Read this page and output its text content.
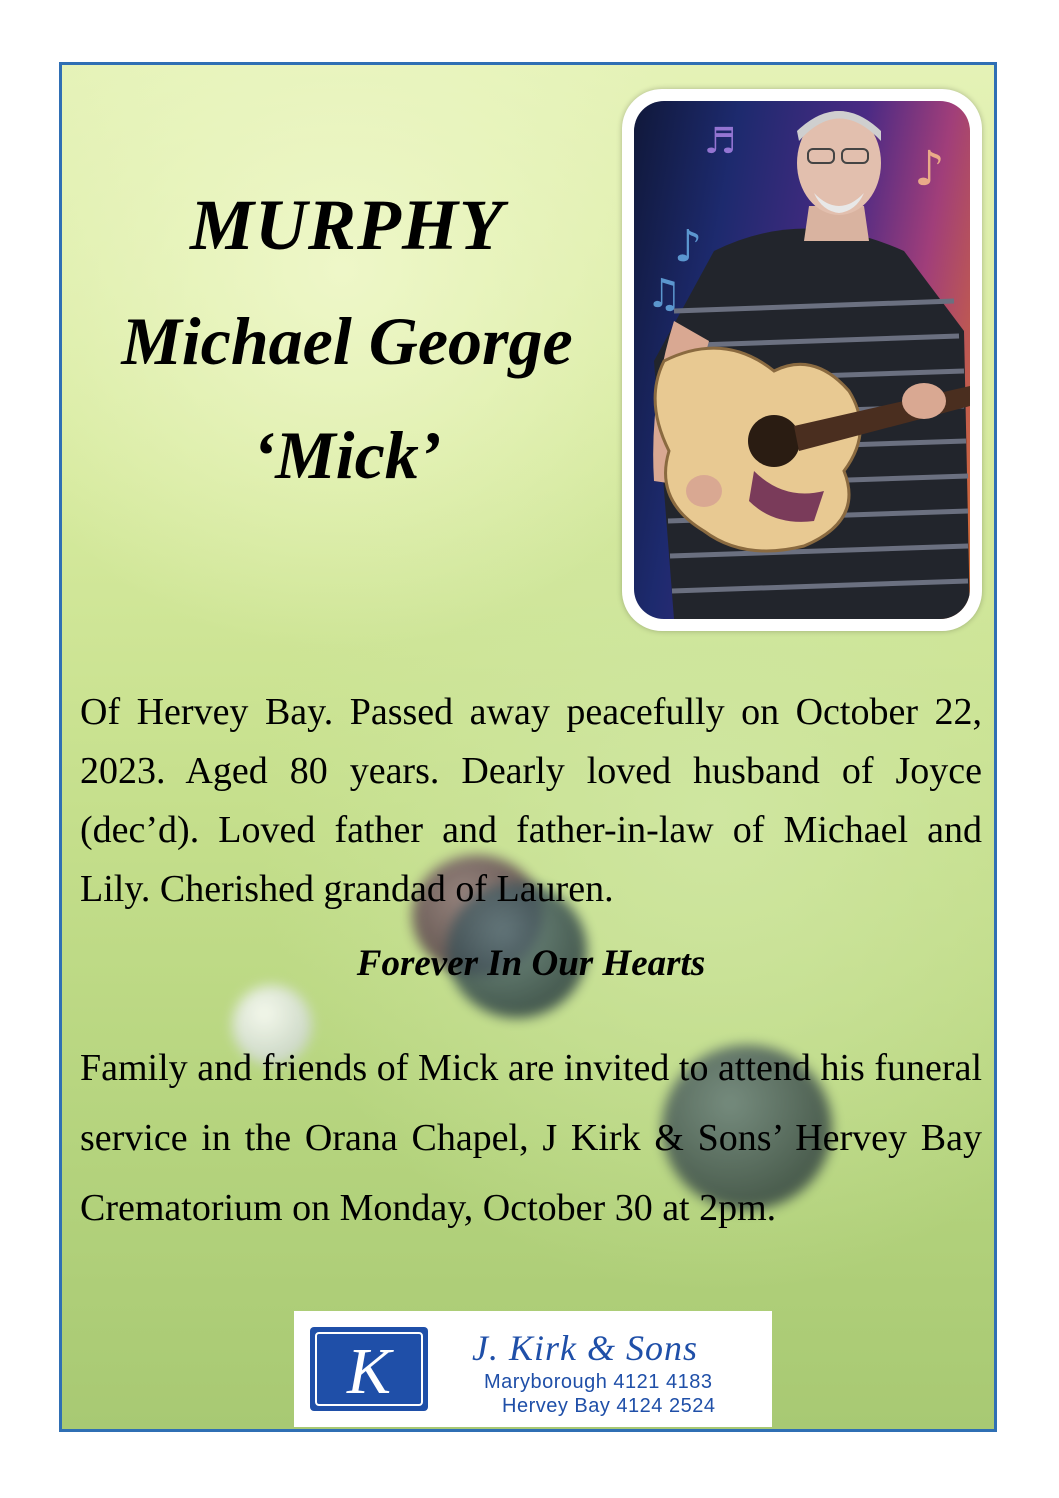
MURPHY
Michael George
‘Mick’
♪
♫
♪
♬

Of Hervey Bay. Passed away peacefully on October 22, 2023. Aged 80 years. Dearly loved husband of Joyce (dec’d). Loved father and father-in-law of Michael and Lily. Cherished grandad of Lauren.

Forever In Our Hearts

Family and friends of Mick are invited to attend his funeral service in the Orana Chapel, J Kirk & Sons’ Hervey Bay Crematorium on Monday, October 30 at 2pm.

K J. Kirk & Sons
Maryborough 4121 4183
Hervey Bay 4124 2524
